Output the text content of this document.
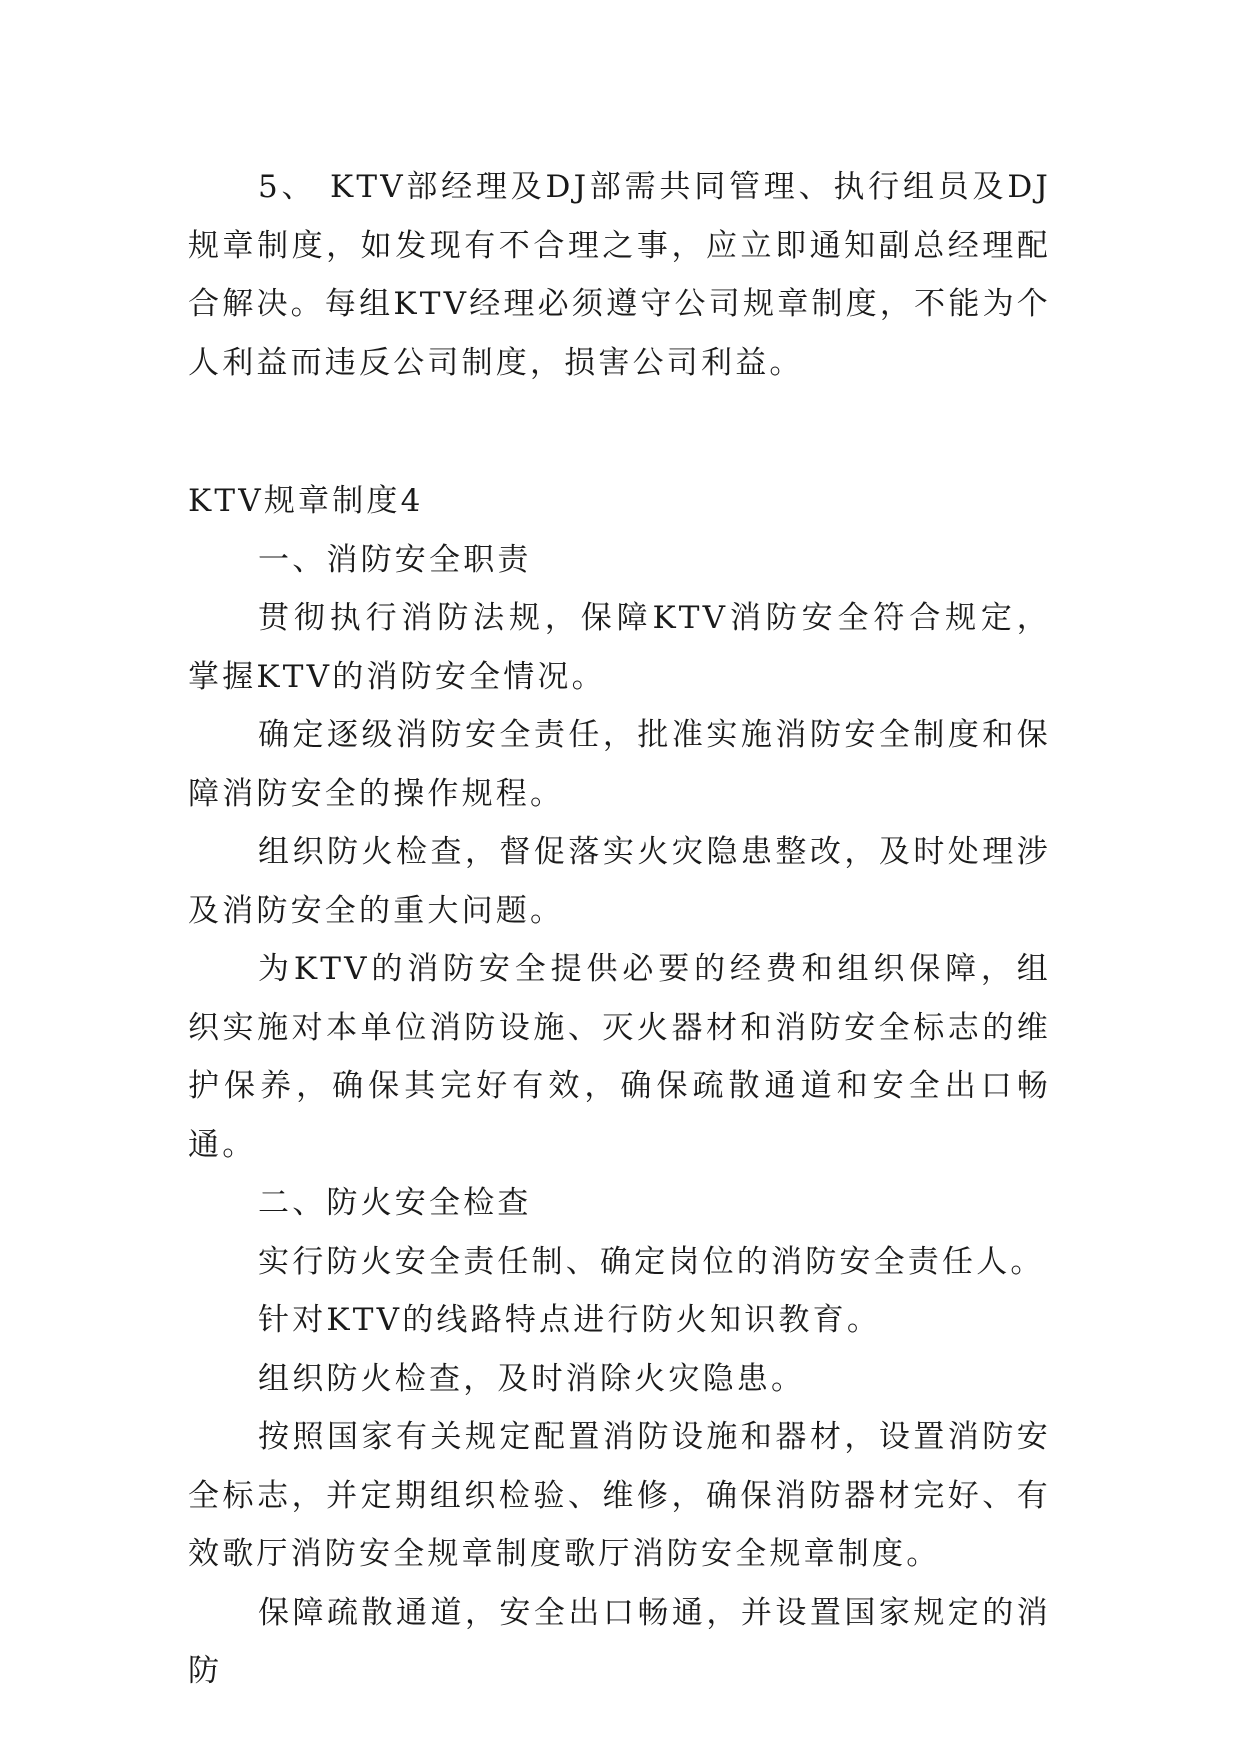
5、 KTV部经理及DJ部需共同管理、执行组员及DJ规章制度，如发现有不合理之事，应立即通知副总经理配合解决。每组KTV经理必须遵守公司规章制度，不能为个人利益而违反公司制度，损害公司利益。

KTV规章制度4

一、消防安全职责

贯彻执行消防法规，保障KTV消防安全符合规定，掌握KTV的消防安全情况。

确定逐级消防安全责任，批准实施消防安全制度和保障消防安全的操作规程。

组织防火检查，督促落实火灾隐患整改，及时处理涉及消防安全的重大问题。

为KTV的消防安全提供必要的经费和组织保障，组织实施对本单位消防设施、灭火器材和消防安全标志的维护保养，确保其完好有效，确保疏散通道和安全出口畅通。

二、防火安全检查

实行防火安全责任制、确定岗位的消防安全责任人。

针对KTV的线路特点进行防火知识教育。

组织防火检查，及时消除火灾隐患。

按照国家有关规定配置消防设施和器材，设置消防安全标志，并定期组织检验、维修，确保消防器材完好、有效歌厅消防安全规章制度歌厅消防安全规章制度。

保障疏散通道，安全出口畅通，并设置国家规定的消防
